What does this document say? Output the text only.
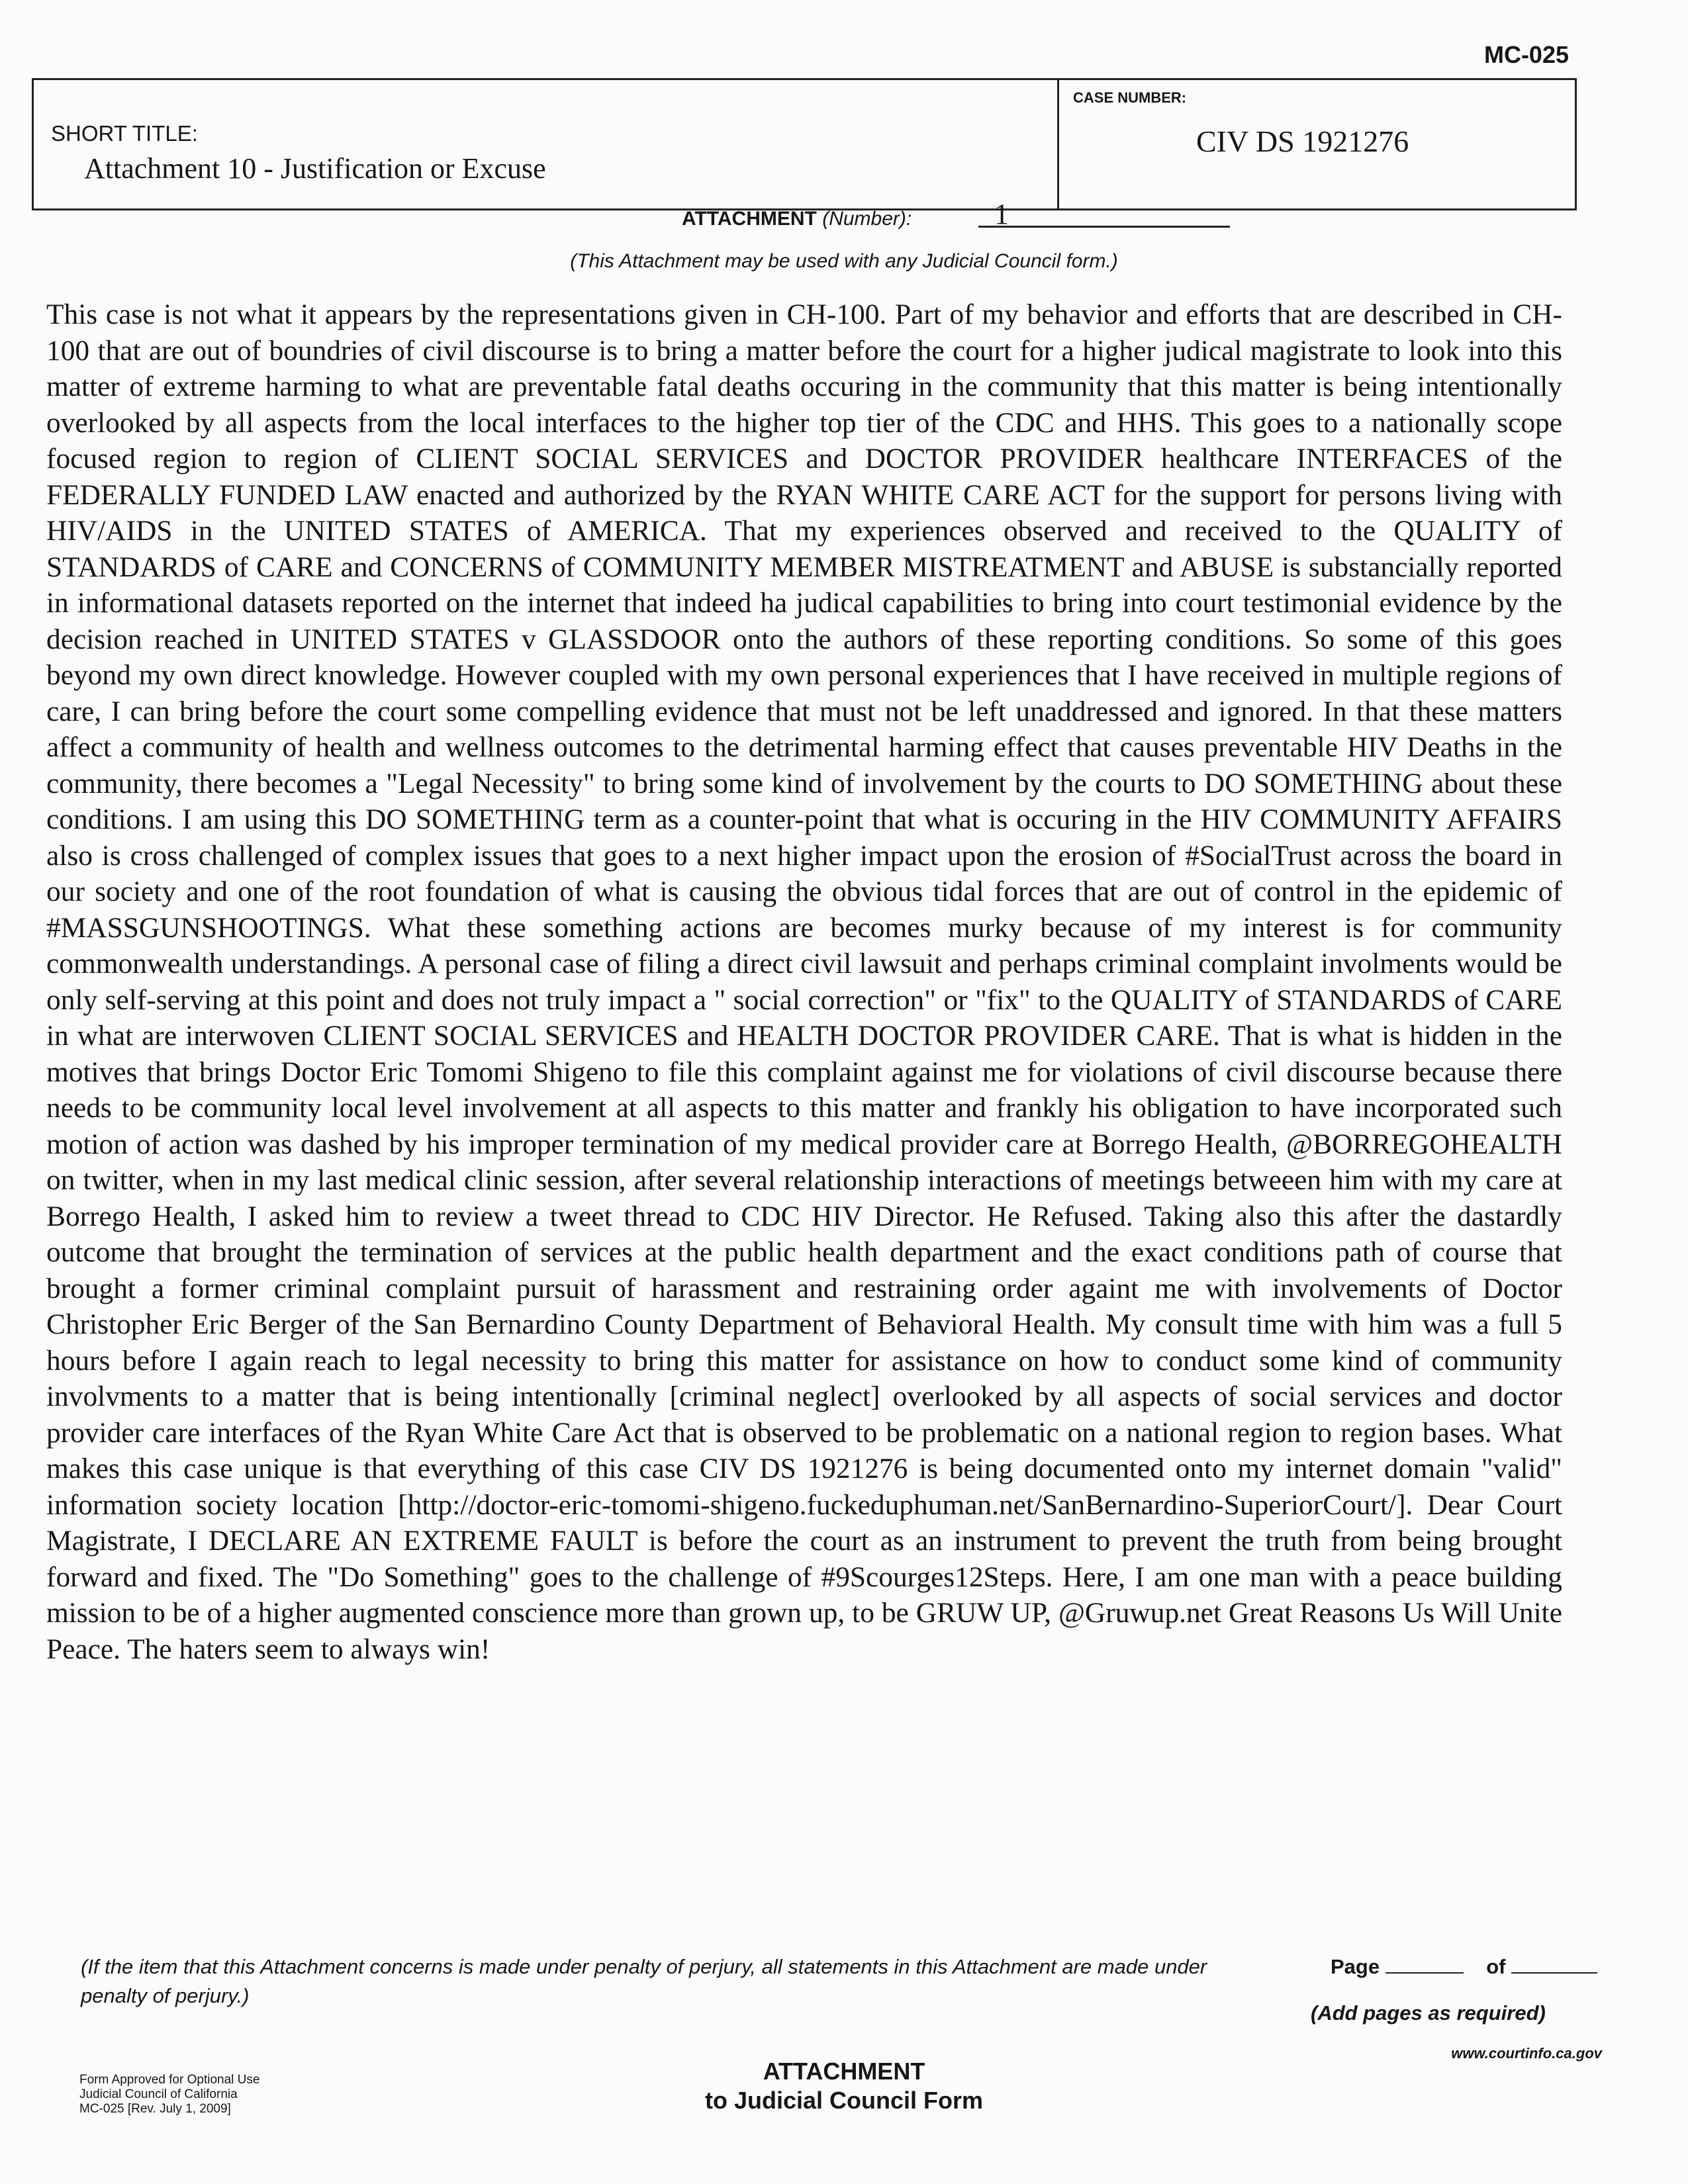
MC-025
SHORT TITLE:
Attachment 10 - Justification or Excuse
CASE NUMBER:
CIV DS 1921276
ATTACHMENT (Number):	1
(This Attachment may be used with any Judicial Council form.)
This case is not what it appears by the representations given in CH-100. Part of my behavior and efforts that are described in CH-100 that are out of boundries of civil discourse is to bring a matter before the court for a higher judical magistrate to look into this matter of extreme harming to what are preventable fatal deaths occuring in the community that this matter is being intentionally overlooked by all aspects from the local interfaces to the higher top tier of the CDC and HHS. This goes to a nationally scope focused region to region of CLIENT SOCIAL SERVICES and DOCTOR PROVIDER healthcare INTERFACES of the FEDERALLY FUNDED LAW enacted and authorized by the RYAN WHITE CARE ACT for the support for persons living with HIV/AIDS in the UNITED STATES of AMERICA. That my experiences observed and received to the QUALITY of STANDARDS of CARE and CONCERNS of COMMUNITY MEMBER MISTREATMENT and ABUSE is substancially reported in informational datasets reported on the internet that indeed ha judical capabilities to bring into court testimonial evidence by the decision reached in UNITED STATES v GLASSDOOR onto the authors of these reporting conditions. So some of this goes beyond my own direct knowledge. However coupled with my own personal experiences that I have received in multiple regions of care, I can bring before the court some compelling evidence that must not be left unaddressed and ignored. In that these matters affect a community of health and wellness outcomes to the detrimental harming effect that causes preventable HIV Deaths in the community, there becomes a "Legal Necessity" to bring some kind of involvement by the courts to DO SOMETHING about these conditions. I am using this DO SOMETHING term as a counter-point that what is occuring in the HIV COMMUNITY AFFAIRS also is cross challenged of complex issues that goes to a next higher impact upon the erosion of #SocialTrust across the board in our society and one of the root foundation of what is causing the obvious tidal forces that are out of control in the epidemic of #MASSGUNSHOOTINGS. What these something actions are becomes murky because of my interest is for community commonwealth understandings. A personal case of filing a direct civil lawsuit and perhaps criminal complaint involments would be only self-serving at this point and does not truly impact a " social correction" or "fix" to the QUALITY of STANDARDS of CARE in what are interwoven CLIENT SOCIAL SERVICES and HEALTH DOCTOR PROVIDER CARE. That is what is hidden in the motives that brings Doctor Eric Tomomi Shigeno to file this complaint against me for violations of civil discourse because there needs to be community local level involvement at all aspects to this matter and frankly his obligation to have incorporated such motion of action was dashed by his improper termination of my medical provider care at Borrego Health, @BORREGOHEALTH on twitter, when in my last medical clinic session, after several relationship interactions of meetings betweeen him with my care at Borrego Health, I asked him to review a tweet thread to CDC HIV Director. He Refused. Taking also this after the dastardly outcome that brought the termination of services at the public health department and the exact conditions path of course that brought a former criminal complaint pursuit of harassment and restraining order againt me with involvements of Doctor Christopher Eric Berger of the San Bernardino County Department of Behavioral Health. My consult time with him was a full 5 hours before I again reach to legal necessity to bring this matter for assistance on how to conduct some kind of community involvments to a matter that is being intentionally [criminal neglect] overlooked by all aspects of social services and doctor provider care interfaces of the Ryan White Care Act that is observed to be problematic on a national region to region bases. What makes this case unique is that everything of this case CIV DS 1921276 is being documented onto my internet domain "valid" information society location [http://doctor-eric-tomomi-shigeno.fuckeduphuman.net/SanBernardino-SuperiorCourt/]. Dear Court Magistrate, I DECLARE AN EXTREME FAULT is before the court as an instrument to prevent the truth from being brought forward and fixed. The "Do Something" goes to the challenge of #9Scourges12Steps. Here, I am one man with a peace building mission to be of a higher augmented conscience more than grown up, to be GRUW UP, @Gruwup.net Great Reasons Us Will Unite Peace. The haters seem to always win!
(If the item that this Attachment concerns is made under penalty of perjury, all statements in this Attachment are made under penalty of perjury.)
Page	of
(Add pages as required)
www.courtinfo.ca.gov
Form Approved for Optional Use
Judicial Council of California
MC-025 [Rev. July 1, 2009]
ATTACHMENT
to Judicial Council Form
